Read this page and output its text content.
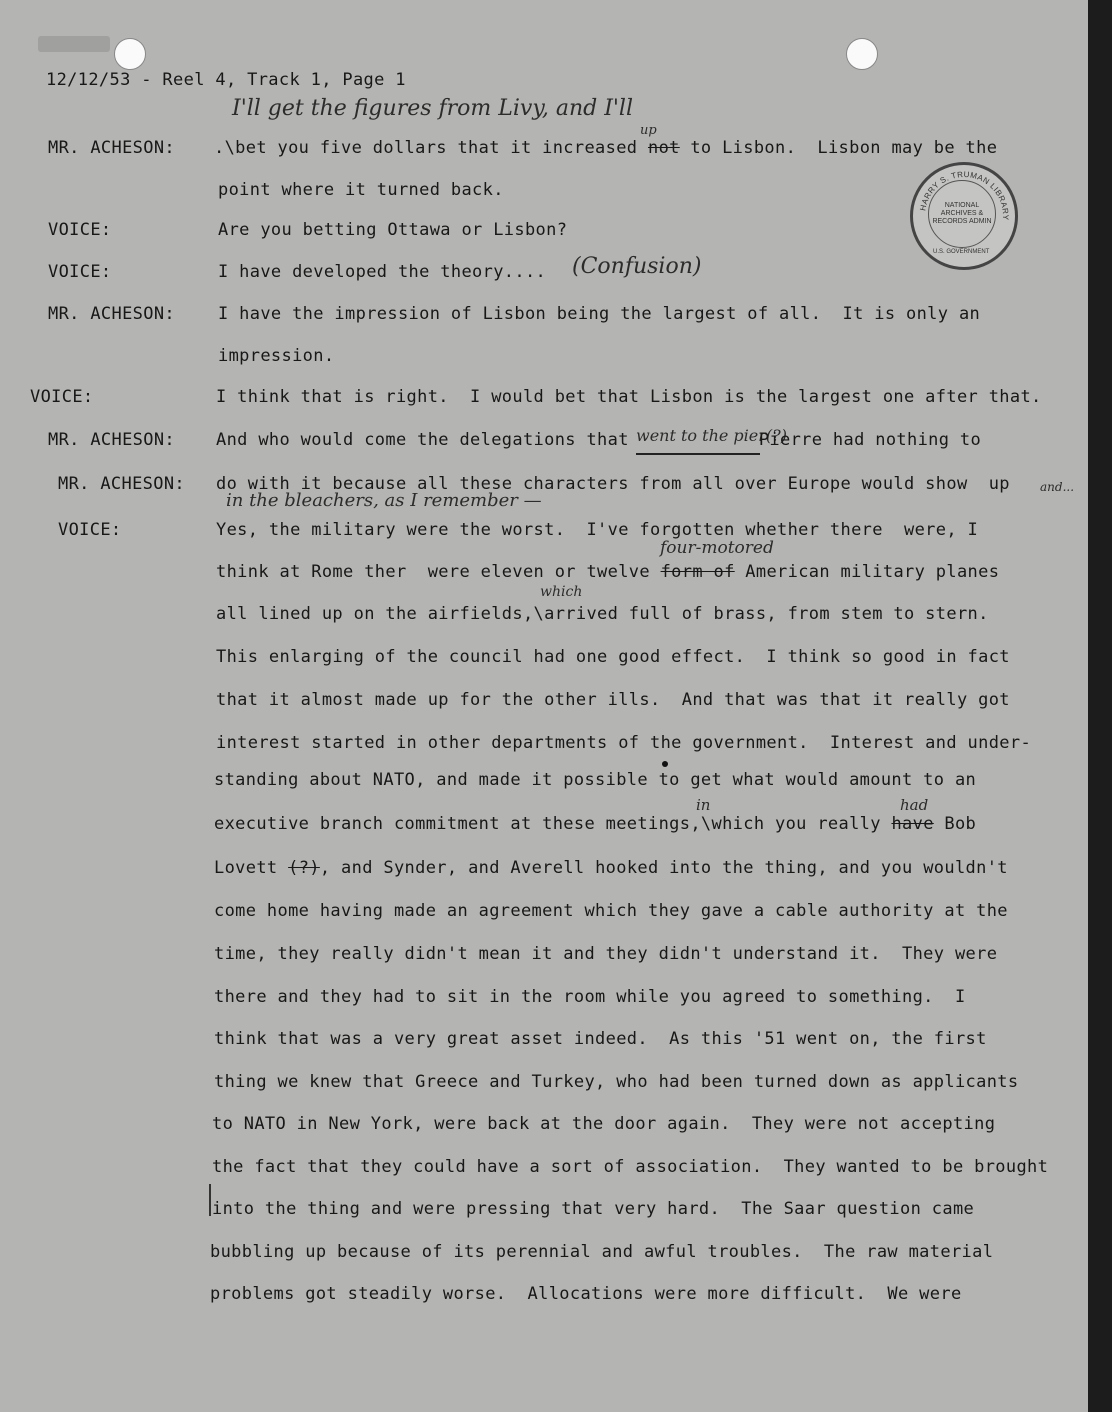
HARRY S. TRUMAN LIBRARY
NATIONAL ARCHIVES & RECORDS ADMIN
U.S. GOVERNMENT
12/12/53 - Reel 4, Track 1, Page 1
I'll get the figures from Livy, and I'll
up
(Confusion)
went to the pier(?)
and...
in the bleachers, as I remember —
four-motored
which
in	had
MR. ACHESON:
VOICE:
VOICE:
MR. ACHESON:
VOICE:
MR. ACHESON:
VOICE:
MR. ACHESON:
.\bet you five dollars that it increased not to Lisbon.  Lisbon may be the
point where it turned back.
Are you betting Ottawa or Lisbon?
I have developed the theory....
I have the impression of Lisbon being the largest of all.  It is only an
impression.
I think that is right.  I would bet that Lisbon is the largest one after that.
And who would come the delegations that	Pierre had nothing to
do with it because all these characters from all over Europe would show  up
Yes, the military were the worst.  I've forgotten whether there  were, I
think at Rome ther  were eleven or twelve form of American military planes
all lined up on the airfields,\arrived full of brass, from stem to stern.
This enlarging of the council had one good effect.  I think so good in fact
that it almost made up for the other ills.  And that was that it really got
interest started in other departments of the government.  Interest and under-
standing about NATO, and made it possible to get what would amount to an
executive branch commitment at these meetings,\which you really have Bob
Lovett (?), and Synder, and Averell hooked into the thing, and you wouldn't
come home having made an agreement which they gave a cable authority at the
time, they really didn't mean it and they didn't understand it.  They were
there and they had to sit in the room while you agreed to something.  I
think that was a very great asset indeed.  As this '51 went on, the first
thing we knew that Greece and Turkey, who had been turned down as applicants
to NATO in New York, were back at the door again.  They were not accepting
the fact that they could have a sort of association.  They wanted to be brought
into the thing and were pressing that very hard.  The Saar question came
bubbling up because of its perennial and awful troubles.  The raw material
problems got steadily worse.  Allocations were more difficult.  We were
